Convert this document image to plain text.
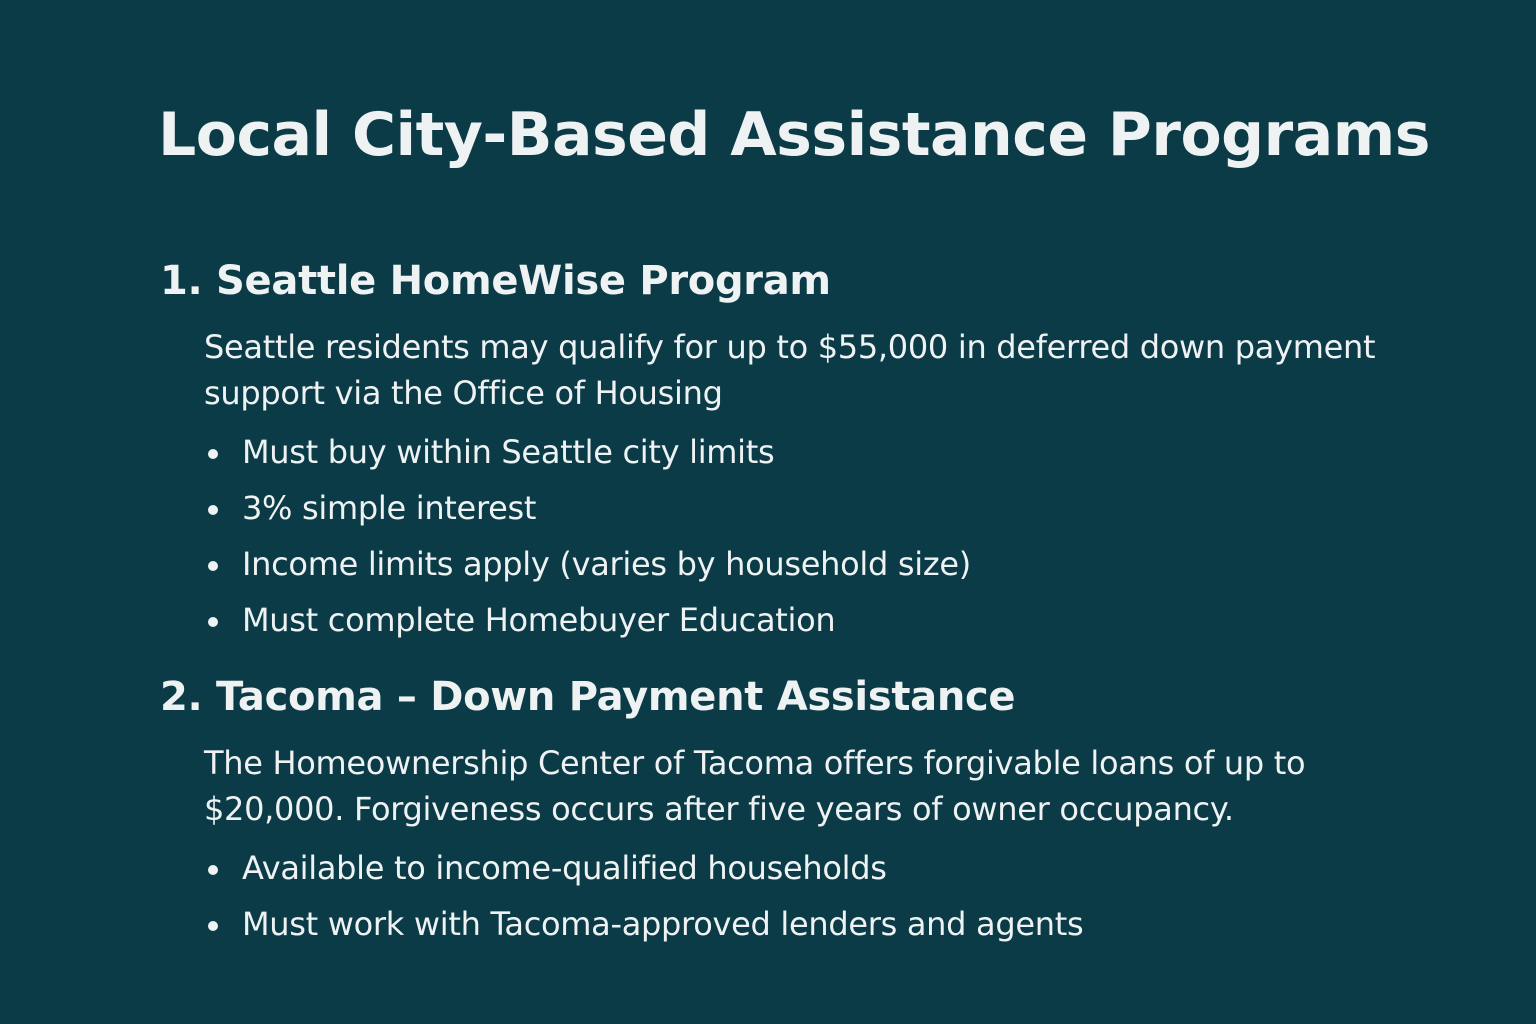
Local City-Based Assistance Programs
1. Seattle HomeWise Program

Seattle residents may qualify for up to $55,000 in deferred down payment support via the Office of Housing

Must buy within Seattle city limits
3% simple interest
Income limits apply (varies by household size)
Must complete Homebuyer Education
2. Tacoma – Down Payment Assistance

The Homeownership Center of Tacoma offers forgivable loans of up to $20,000. Forgiveness occurs after five years of owner occupancy.

Available to income-qualified households
Must work with Tacoma-approved lenders and agents
